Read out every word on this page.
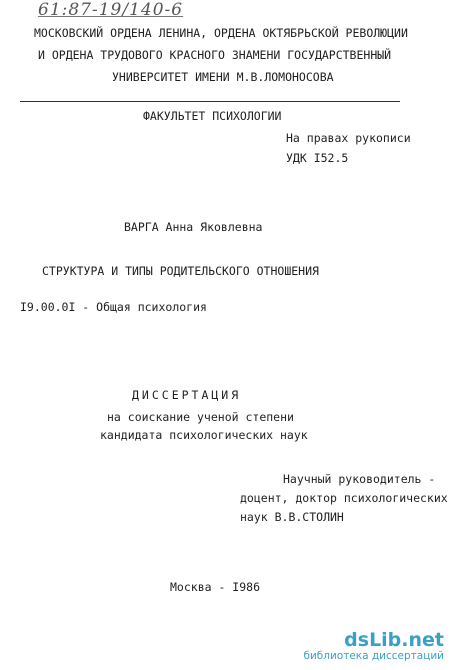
61:87-19/140-6
МОСКОВСКИЙ ОРДЕНА ЛЕНИНА, ОРДЕНА ОКТЯБРЬСКОЙ РЕВОЛЮЦИИ
И ОРДЕНА ТРУДОВОГО КРАСНОГО ЗНАМЕНИ ГОСУДАРСТВЕННЫЙ
УНИВЕРСИТЕТ ИМЕНИ М.В.ЛОМОНОСОВА
ФАКУЛЬТЕТ ПСИХОЛОГИИ
На правах рукописи
УДК I52.5
ВАРГА Анна Яковлевна
СТРУКТУРА И ТИПЫ РОДИТЕЛЬСКОГО ОТНОШЕНИЯ
I9.00.0I - Общая психология
ДИССЕРТАЦИЯ
на соискание ученой степени
кандидата психологических наук
Научный руководитель -
доцент, доктор психологических
наук В.В.СТОЛИН
Москва - I986
dsLib.net
библиотека диссертаций
